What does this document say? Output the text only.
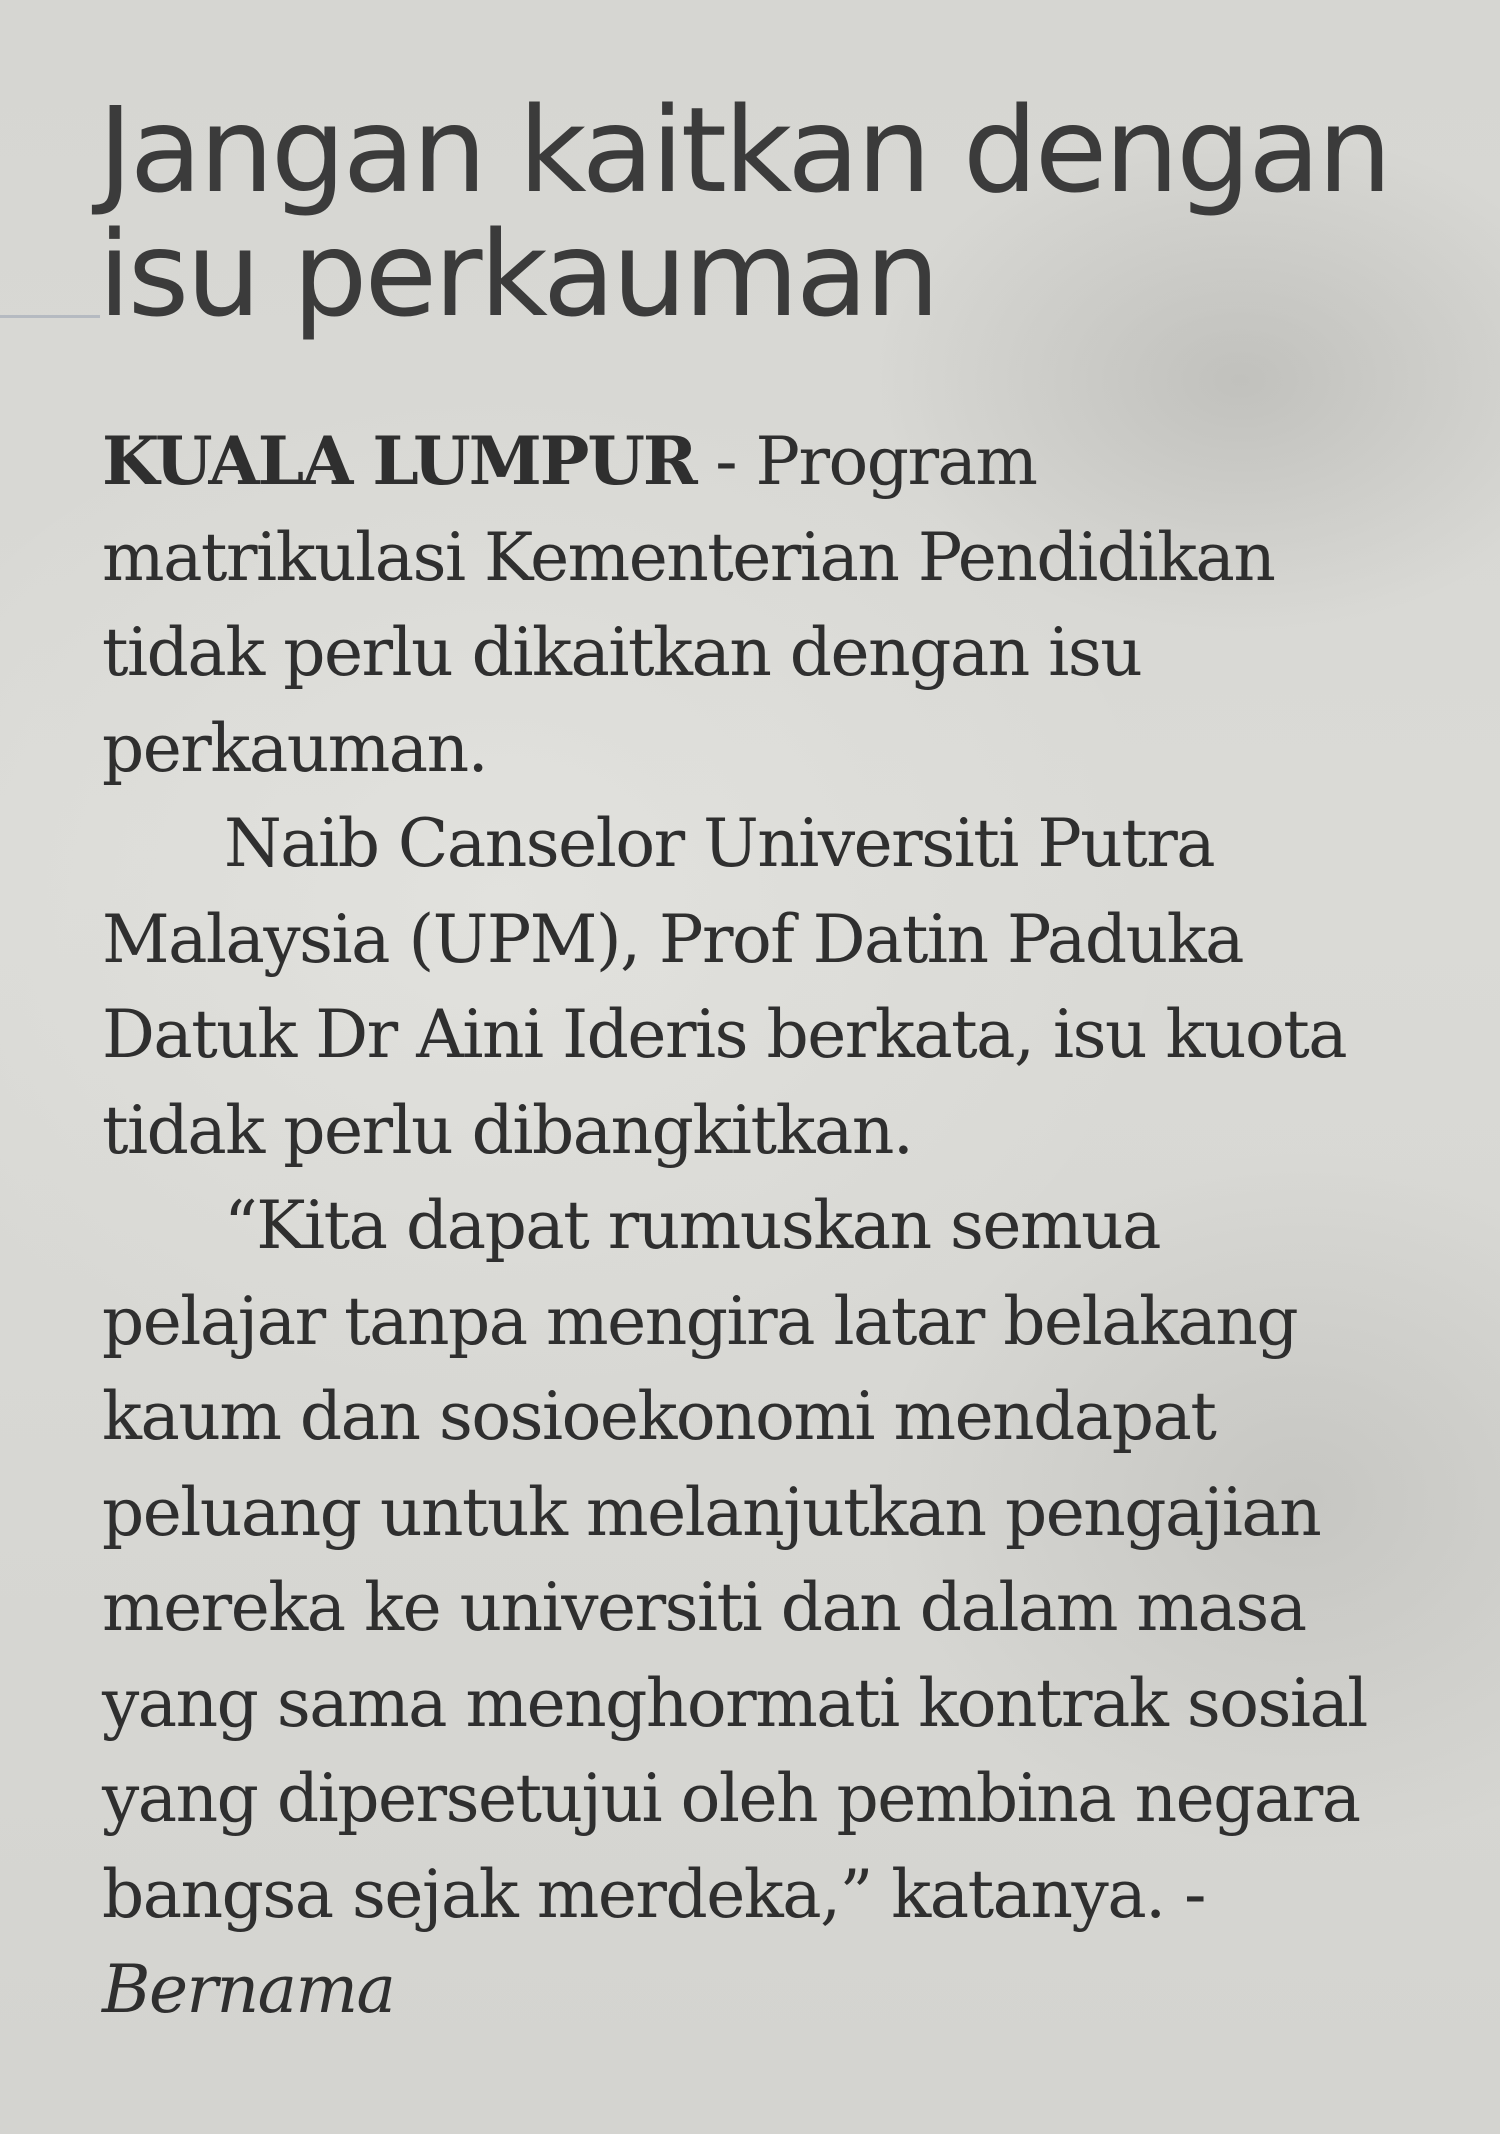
Jangan kaitkan dengan
isu perkauman
KUALA LUMPUR - Program
matrikulasi Kementerian Pendidikan
tidak perlu dikaitkan dengan isu
perkauman.
Naib Canselor Universiti Putra
Malaysia (UPM), Prof Datin Paduka
Datuk Dr Aini Ideris berkata, isu kuota
tidak perlu dibangkitkan.
“Kita dapat rumuskan semua
pelajar tanpa mengira latar belakang
kaum dan sosioekonomi mendapat
peluang untuk melanjutkan pengajian
mereka ke universiti dan dalam masa
yang sama menghormati kontrak sosial
yang dipersetujui oleh pembina negara
bangsa sejak merdeka,” katanya. -
Bernama
